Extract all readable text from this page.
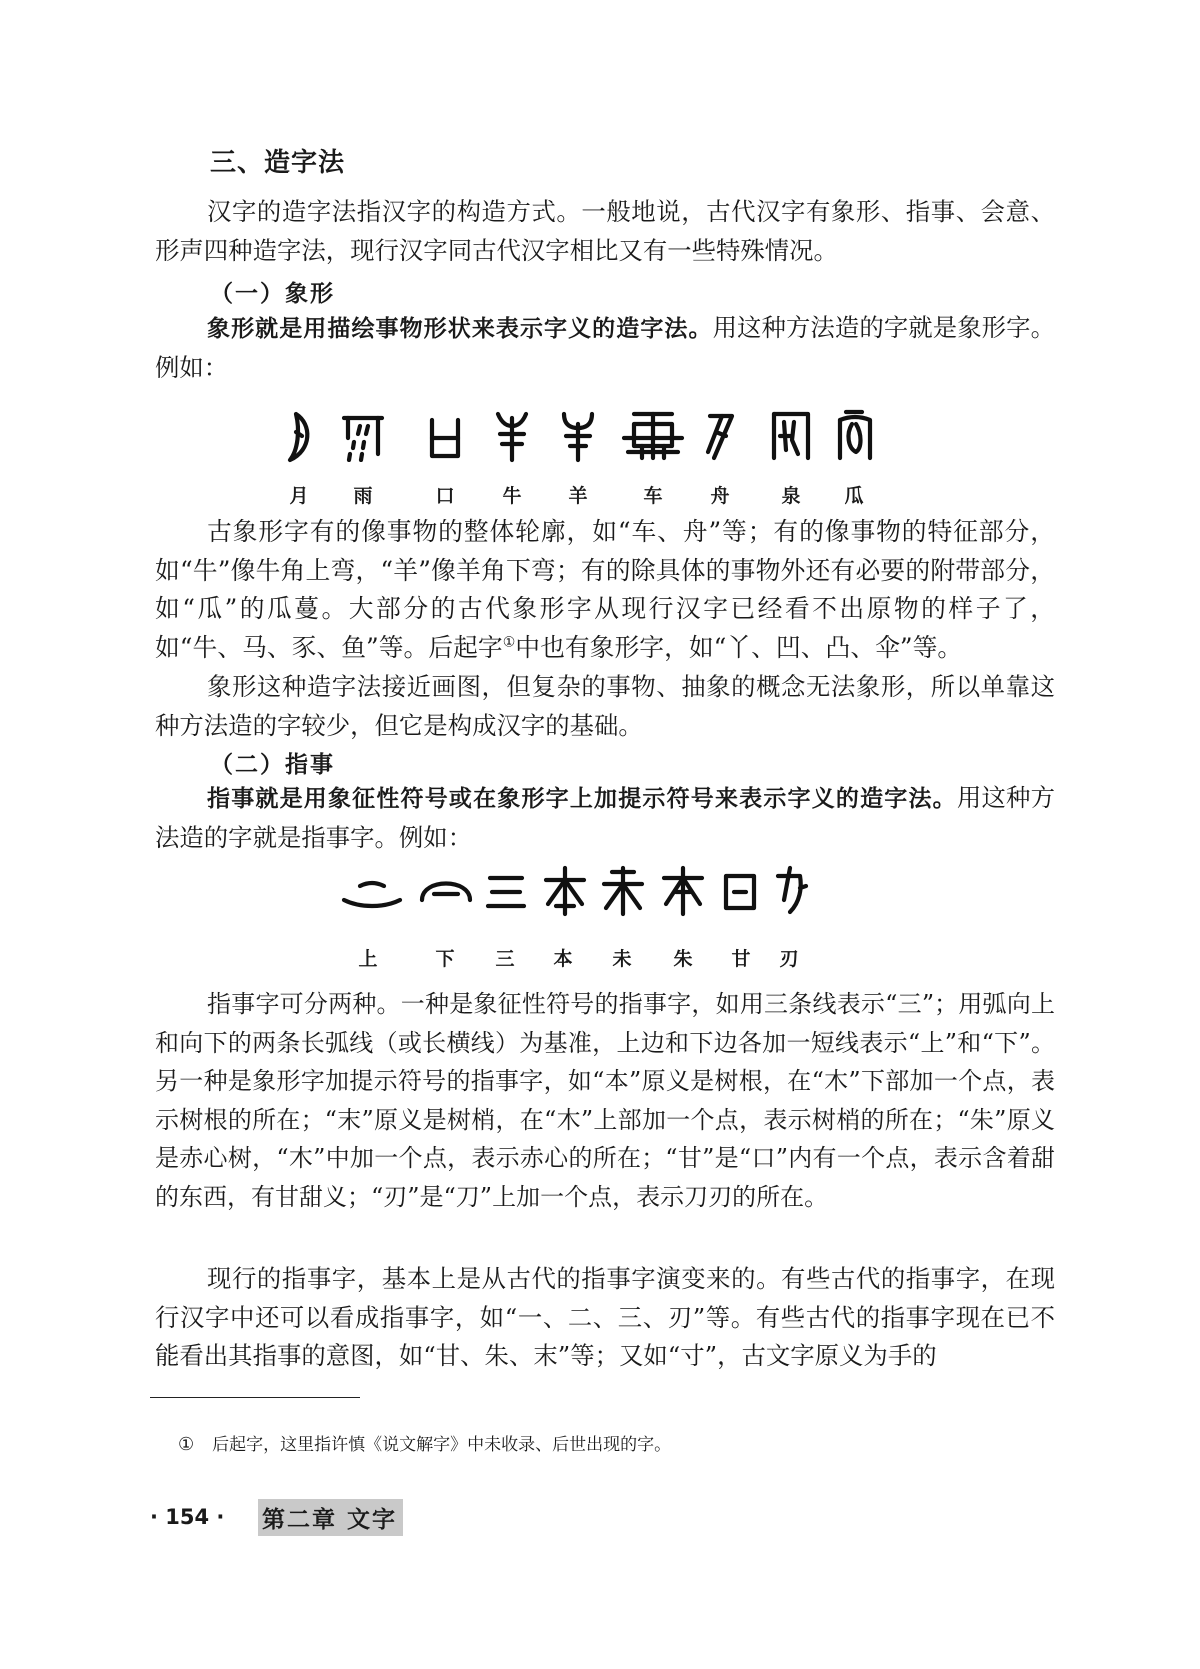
三、造字法

汉字的造字法指汉字的构造方式。一般地说，古代汉字有象形、指事、会意、形声四种造字法，现行汉字同古代汉字相比又有一些特殊情况。

（一）象形

象形就是用描绘事物形状来表示字义的造字法。用这种方法造的字就是象形字。例如：

月 雨	口	牛 羊	车	舟	泉 瓜

古象形字有的像事物的整体轮廓，如“车、舟”等；有的像事物的特征部分，如“牛”像牛角上弯，“羊”像羊角下弯；有的除具体的事物外还有必要的附带部分，如“瓜”的瓜蔓。大部分的古代象形字从现行汉字已经看不出原物的样子了，如“牛、马、豕、鱼”等。后起字①中也有象形字，如“丫、凹、凸、伞”等。

象形这种造字法接近画图，但复杂的事物、抽象的概念无法象形，所以单靠这种方法造的字较少，但它是构成汉字的基础。

（二）指事

指事就是用象征性符号或在象形字上加提示符号来表示字义的造字法。用这种方法造的字就是指事字。例如：

上	下 三 本 未 朱 甘 刃

指事字可分两种。一种是象征性符号的指事字，如用三条线表示“三”；用弧向上和向下的两条长弧线（或长横线）为基准，上边和下边各加一短线表示“上”和“下”。另一种是象形字加提示符号的指事字，如“本”原义是树根，在“木”下部加一个点，表示树根的所在；“末”原义是树梢，在“木”上部加一个点，表示树梢的所在；“朱”原义是赤心树，“木”中加一个点，表示赤心的所在；“甘”是“口”内有一个点，表示含着甜的东西，有甘甜义；“刃”是“刀”上加一个点，表示刀刃的所在。

现行的指事字，基本上是从古代的指事字演变来的。有些古代的指事字，在现行汉字中还可以看成指事字，如“一、二、三、刃”等。有些古代的指事字现在已不能看出其指事的意图，如“甘、朱、末”等；又如“寸”，古文字原义为手的

① 后起字，这里指许慎《说文解字》中未收录、后世出现的字。

· 154 · 第二章 文字
